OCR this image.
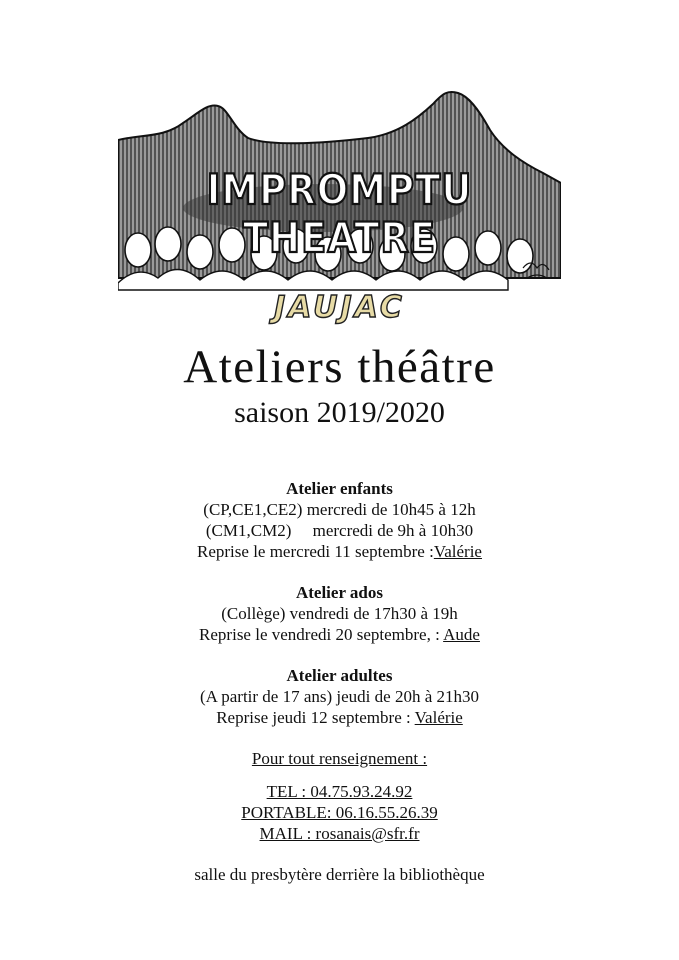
IMPROMPTU THEATRE
JAUJAC
Ateliers théâtre
saison 2019/2020
Atelier enfants
(CP,CE1,CE2) mercredi de 10h45 à 12h
(CM1,CM2)     mercredi de 9h à 10h30
Reprise le mercredi 11 septembre :Valérie
Atelier ados
(Collège) vendredi de 17h30 à 19h
Reprise le vendredi 20 septembre, : Aude
Atelier adultes
(A partir de 17 ans) jeudi de 20h à 21h30
Reprise jeudi 12 septembre : Valérie
Pour tout renseignement :
TEL : 04.75.93.24.92
PORTABLE: 06.16.55.26.39
MAIL : rosanais@sfr.fr
salle du presbytère derrière la bibliothèque
